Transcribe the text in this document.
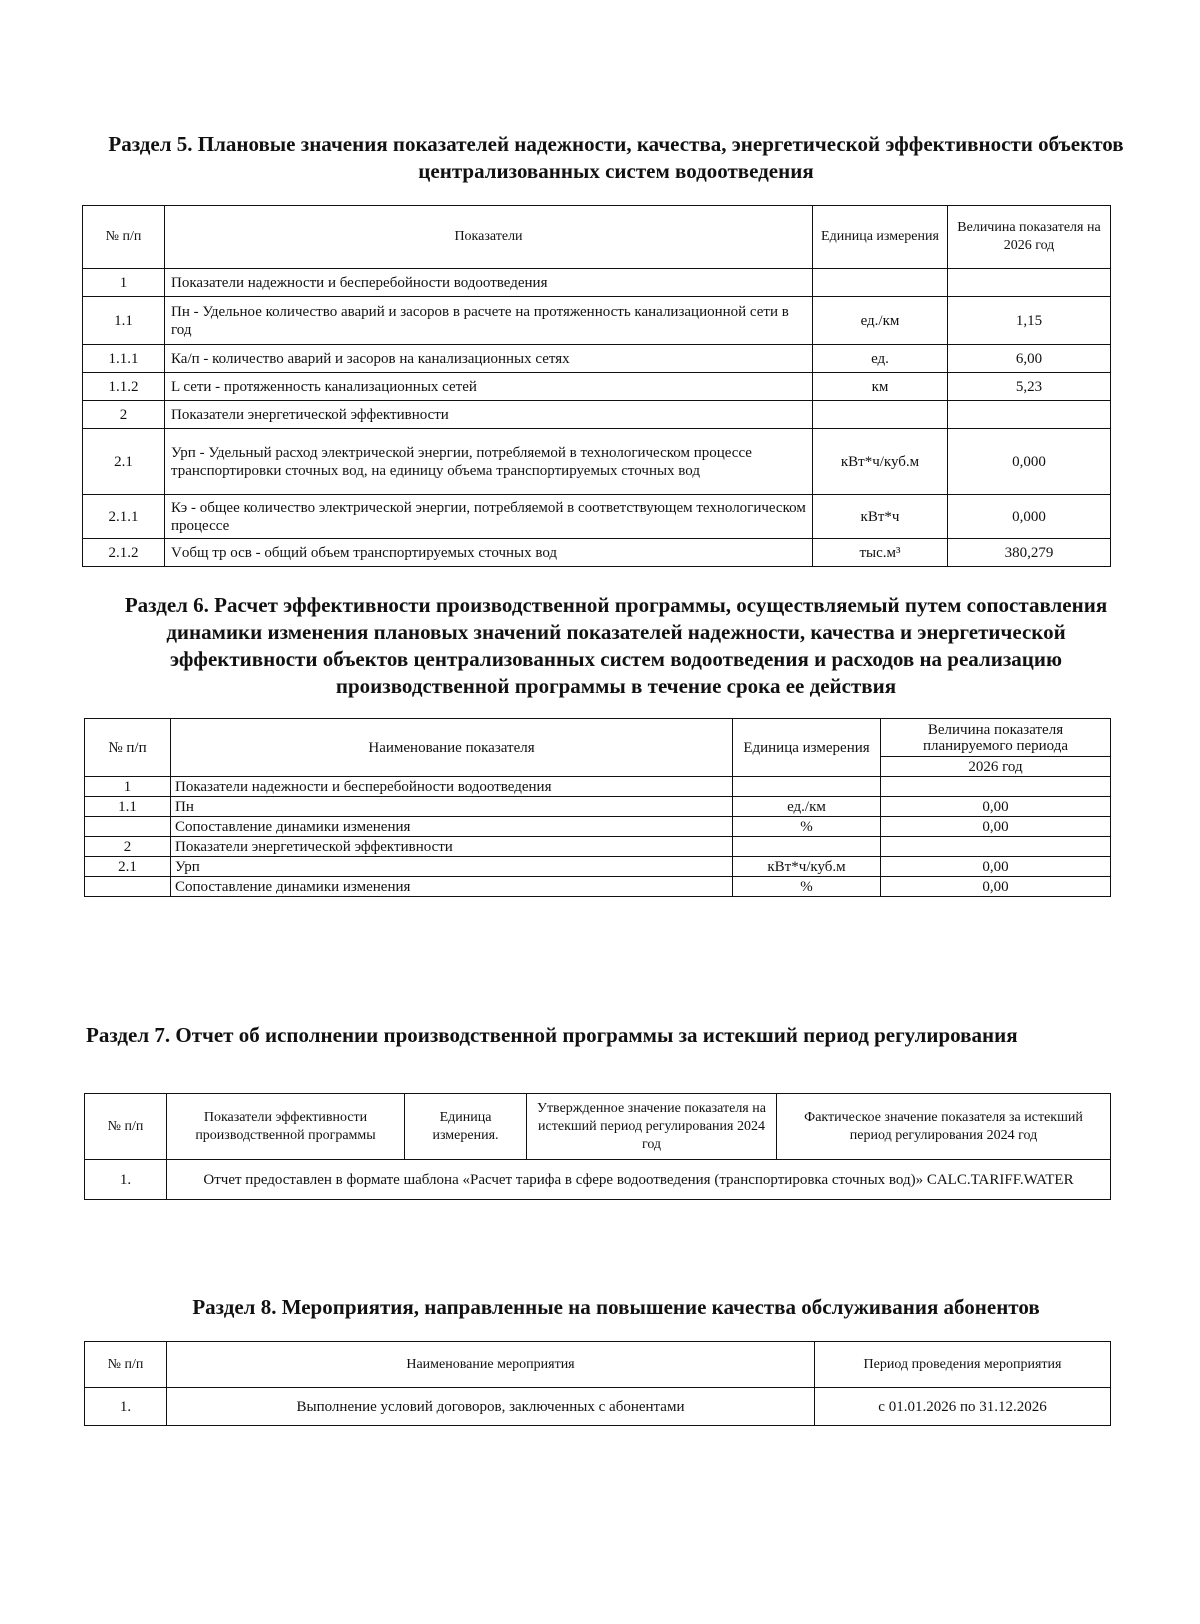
Раздел 5. Плановые значения показателей надежности, качества, энергетической эффективности объектов централизованных систем водоотведения
№ п/п	Показатели	Единица измерения	Величина показателя на 2026 год
1	Показатели надежности и бесперебойности водоотведения		
1.1	Пн - Удельное количество аварий и засоров в расчете на протяженность канализационной сети в год	ед./км	1,15
1.1.1	Ка/п - количество аварий и засоров на канализационных сетях	ед.	6,00
1.1.2	L сети - протяженность канализационных сетей	км	5,23
2	Показатели энергетической эффективности		
2.1	Урп - Удельный расход электрической энергии, потребляемой в технологическом процессе транспортировки сточных вод, на единицу объема транспортируемых сточных вод	кВт*ч/куб.м	0,000
2.1.1	Кэ - общее количество электрической энергии, потребляемой в соответствующем технологическом процессе	кВт*ч	0,000
2.1.2	Vобщ тр осв - общий объем транспортируемых сточных вод	тыс.м³	380,279
Раздел 6. Расчет эффективности производственной программы, осуществляемый путем сопоставления динамики изменения плановых значений показателей надежности, качества и энергетической эффективности объектов централизованных систем водоотведения и расходов на реализацию производственной программы в течение срока ее действия
№ п/п	Наименование показателя	Единица измерения	Величина показателя планируемого периода
			2026 год
1	Показатели надежности и бесперебойности водоотведения		
1.1	Пн	ед./км	0,00
	Сопоставление динамики изменения	%	0,00
2	Показатели энергетической эффективности		
2.1	Урп	кВт*ч/куб.м	0,00
	Сопоставление динамики изменения	%	0,00
Раздел 7. Отчет об исполнении производственной программы за истекший период регулирования
№ п/п	Показатели эффективности производственной программы	Единица измерения.	Утвержденное значение показателя на истекший период регулирования 2024 год	Фактическое значение показателя за истекший период регулирования 2024 год
1.	Отчет предоставлен в формате шаблона «Расчет тарифа в сфере водоотведения (транспортировка сточных вод)» CALC.TARIFF.WATER			
Раздел 8. Мероприятия, направленные на повышение качества обслуживания абонентов
№ п/п	Наименование мероприятия	Период проведения мероприятия
1.	Выполнение условий договоров, заключенных с абонентами	с 01.01.2026 по 31.12.2026
